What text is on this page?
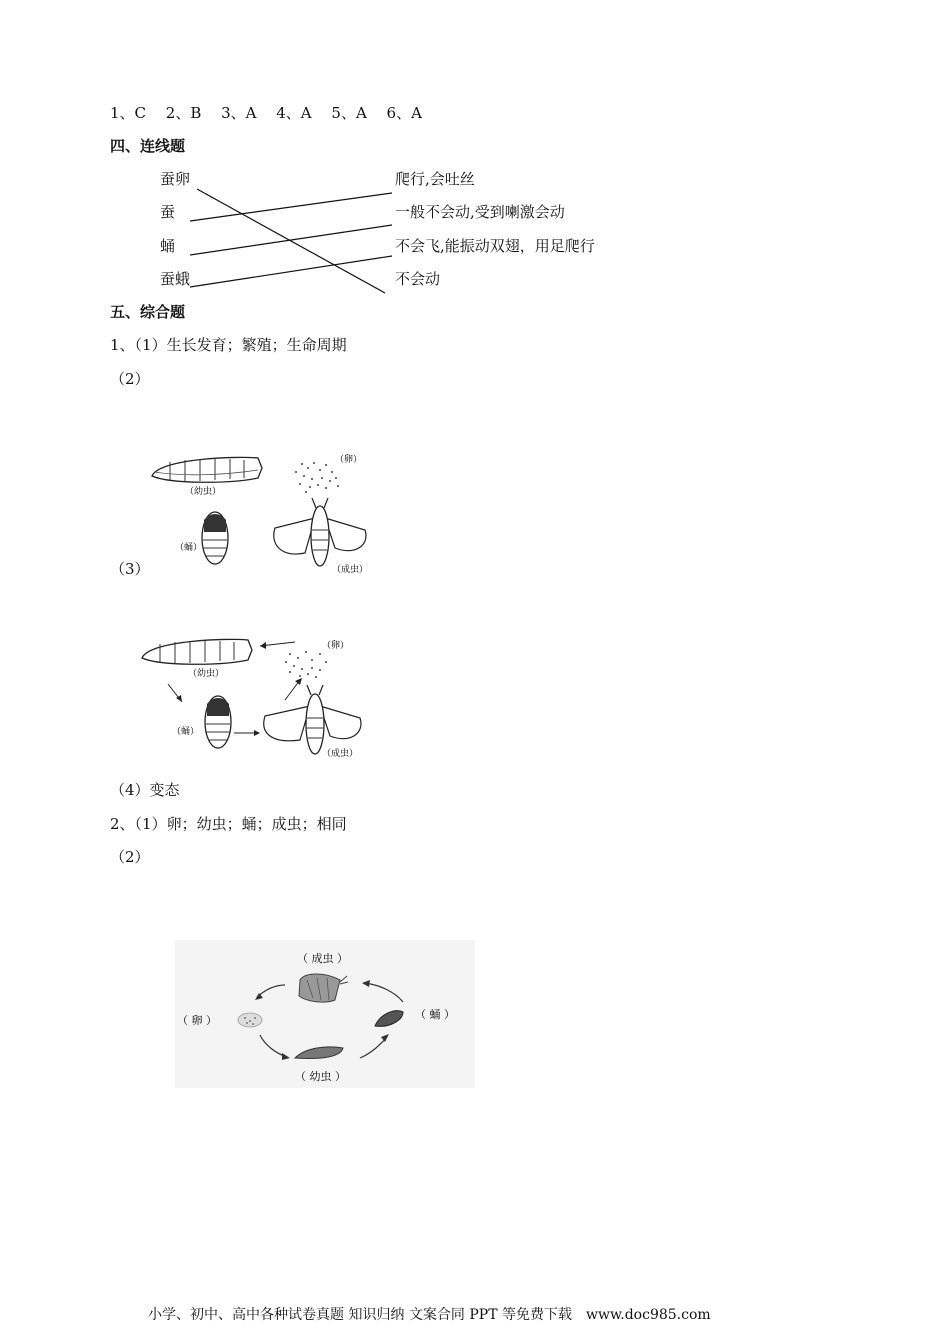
1、C　 2、B　 3、A　 4、A　 5、A　 6、A
四、连线题
蚕卵
蚕
蛹
蚕蛾
爬行,会吐丝
一般不会动,受到喇激会动
不会飞,能振动双翅，用足爬行
不会动
五、综合题
1、（1）生长发育；繁殖；生命周期
（2）
（幼虫）
（卵）
（蛹）
（成虫）
（3）
（幼虫）
（卵）
（蛹）
（成虫）
（4）变态
2、（1）卵；幼虫；蛹；成虫；相同
（2）
（ 成虫 ）
（ 卵 ）
（ 幼虫 ）
（ 蛹 ）
小学、初中、高中各种试卷真题 知识归纳 文案合同 PPT 等免费下载　www.doc985.com
